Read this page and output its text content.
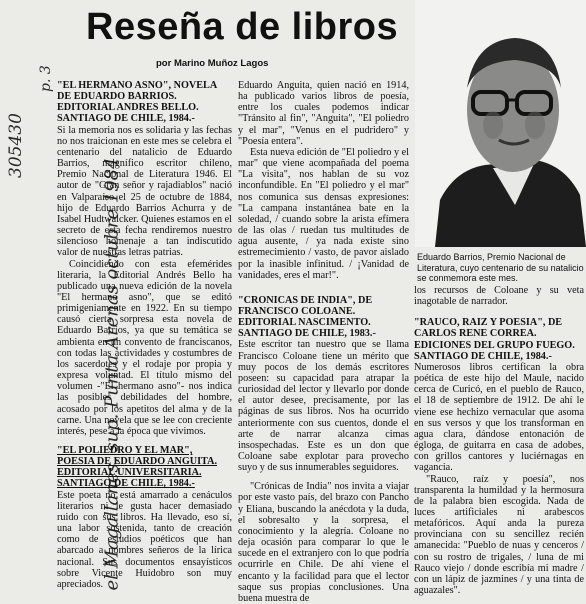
Reseña de libros
por Marino Muñoz Lagos
el Magallanes, sup. Punta Arenas octubre 1984
305430
p. 3 "EL HERMANO ASNO", NOVELA DE EDUARDO BARRIOS. EDITORIAL ANDRES BELLO. SANTIAGO DE CHILE, 1984.-

Si la memoria nos es solidaria y las fechas no nos traicionan en este mes se celebra el centenario del natalicio de Eduardo Barrios, magnífico escritor chileno, Premio Nacional de Literatura 1946. El autor de "Gran señor y rajadiablos" nació en Valparaíso el 25 de octubre de 1884, hijo de Eduardo Barrios Achurra y de Isabel Hudtwalcker. Quienes estamos en el secreto de esta fecha rendiremos nuestro silencioso homenaje a tan indiscutido valor de nuestras letras patrias.

Coincidiendo con esta efemérides literaria, la Editorial Andrés Bello ha publicado una nueva edición de la novela "El hermano asno", que se editó primigeniamente en 1922. En su tiempo causó cierta sorpresa esta novela de Eduardo Barrios, ya que su temática se ambienta en un convento de franciscanos, con todas las actividades y costumbres de los sacerdotes y el rodaje por propia y expresa voluntad. El título mismo del volumen -"El hermano asno"- nos indica las posibles debilidades del hombre, acosado por los apetitos del alma y de la carne. Una novela que se lee con creciente interés, pese a la época que vivimos.

"EL POLIEDRO Y EL MAR", POESIA DE EDUARDO ANGUITA. EDITORIAL UNIVERSITARIA. SANTIAGO DE CHILE, 1984.-

Este poeta no está amarrado a cenáculos literarios ni le gusta hacer demasiado ruido con sus libros. Ha llevado, eso sí, una labor sostenida, tanto de creación como de estudios poéticos que han abarcado a nombres señeros de la lírica nacional. Sus documentos ensayísticos sobre Vicente Huidobro son muy apreciados.

Eduardo Anguita, quien nació en 1914, ha publicado varios libros de poesía, entre los cuales podemos indicar "Tránsito al fin", "Anguita", "El poliedro y el mar", "Venus en el pudridero" y "Poesía entera".

Esta nueva edición de "El poliedro y el mar" que viene acompañada del poema "La visita", nos hablan de su voz inconfundible. En "El poliedro y el mar" nos comunica sus densas expresiones: "La campana instantánea bate en la soledad, / cuando sobre la arista efímera de las olas / ruedan tus multitudes de agua ausente, / ya nada existe sino estremecimiento / vasto, de pavor aislado por la inasible infinitud. / ¡Vanidad de vanidades, eres el mar!".

"CRONICAS DE INDIA", DE FRANCISCO COLOANE. EDITORIAL NASCIMENTO. SANTIAGO DE CHILE, 1983.-

Este escritor tan nuestro que se llama Francisco Coloane tiene un mérito que muy pocos de los demás escritores poseen: su capacidad para atrapar la curiosidad del lector y llevarlo por donde el autor desee, precisamente, por las páginas de sus libros. Nos ha ocurrido anteriormente con sus cuentos, donde el arte de narrar alcanza cimas insospechadas. Este es un don que Coloane sabe explotar para provecho suyo y de sus innumerables seguidores.

"Crónicas de India" nos invita a viajar por este vasto país, del brazo con Pancho y Eliana, buscando la anécdota y la duda, el sobresalto y la sorpresa, el conocimiento y la alegría. Coloane no deja ocasión para comparar lo que le sucede en el extranjero con lo que podría ocurrirle en Chile. De ahí viene el encanto y la facilidad para que el lector saque sus propias conclusiones. Una buena muestra de

Eduardo Barrios, Premio Nacional de Literatura, cuyo centenario de su natalicio se conmemora este mes.

los recursos de Coloane y su veta inagotable de narrador.

"RAUCO, RAIZ Y POESIA", DE CARLOS RENE CORREA. EDICIONES DEL GRUPO FUEGO. SANTIAGO DE CHILE, 1984.-

Numerosos libros certifican la obra poética de este hijo del Maule, nacido cerca de Curicó, en el pueblo de Rauco, el 18 de septiembre de 1912. De ahí le viene ese hechizo vernacular que asoma en sus versos y que los transforman en agua clara, dándose entonación de égloga, de guitarra en casa de adobes, con grillos cantores y luciérnagas en vagancia.

"Rauco, raíz y poesía", nos transparenta la humildad y la hermosura de la palabra bien escogida. Nada de luces artificiales ni arabescos metafóricos. Aquí anda la pureza provinciana con su sencillez recién amanecida: "Pueblo de nuas y cenceros / con su rostro de trigales, / luna de mi Rauco viejo / donde escribía mi madre / con un lápiz de jazmines / y una tinta de aguazales".
